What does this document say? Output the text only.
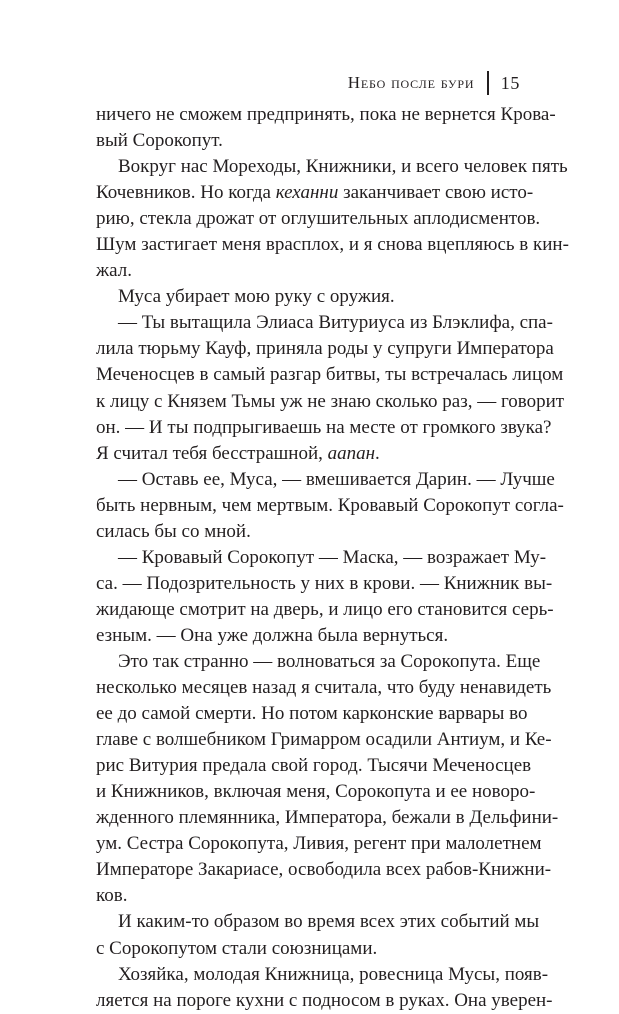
Небо после бури 15
ничего не сможем предпринять, пока не вернется Крова-
вый Сорокопут.
Вокруг нас Мореходы, Книжники, и всего человек пять
Кочевников. Но когда кеханни заканчивает свою исто-
рию, стекла дрожат от оглушительных аплодисментов.
Шум застигает меня врасплох, и я снова вцепляюсь в кин-
жал.
Муса убирает мою руку с оружия.
— Ты вытащила Элиаса Витуриуса из Блэклифа, спа-
лила тюрьму Кауф, приняла роды у супруги Императора
Меченосцев в самый разгар битвы, ты встречалась лицом
к лицу с Князем Тьмы уж не знаю сколько раз, — говорит
он. — И ты подпрыгиваешь на месте от громкого звука?
Я считал тебя бесстрашной, аапан.
— Оставь ее, Муса, — вмешивается Дарин. — Лучше
быть нервным, чем мертвым. Кровавый Сорокопут согла-
силась бы со мной.
— Кровавый Сорокопут — Маска, — возражает Му-
са. — Подозрительность у них в крови. — Книжник вы-
жидающе смотрит на дверь, и лицо его становится серь-
езным. — Она уже должна была вернуться.
Это так странно — волноваться за Сорокопута. Еще
несколько месяцев назад я считала, что буду ненавидеть
ее до самой смерти. Но потом карконские варвары во
главе с волшебником Гримарром осадили Антиум, и Ке-
рис Витурия предала свой город. Тысячи Меченосцев
и Книжников, включая меня, Сорокопута и ее новоро-
жденного племянника, Императора, бежали в Дельфини-
ум. Сестра Сорокопута, Ливия, регент при малолетнем
Императоре Закариасе, освободила всех рабов-Книжни-
ков.
И каким-то образом во время всех этих событий мы
с Сорокопутом стали союзницами.
Хозяйка, молодая Книжница, ровесница Мусы, появ-
ляется на пороге кухни с подносом в руках. Она уверен-
